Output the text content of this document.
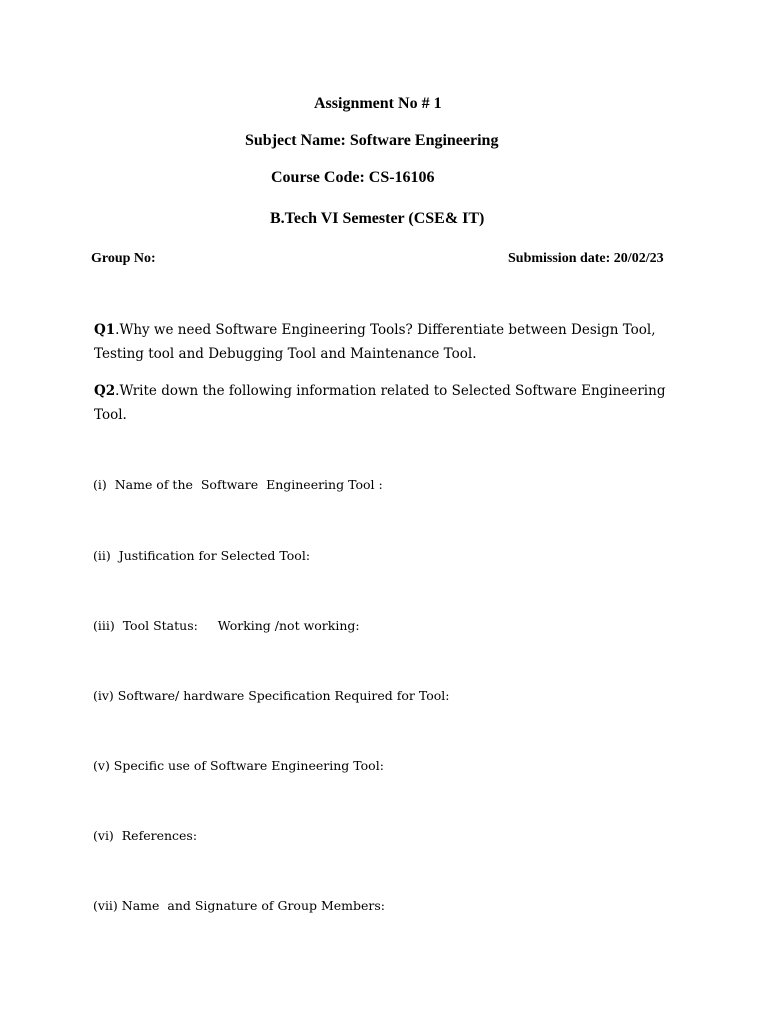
Assignment No # 1
Subject Name: Software Engineering
Course Code: CS-16106
B.Tech VI Semester (CSE& IT)
Group No:	Submission date: 20/02/23
Q1.Why we need Software Engineering Tools? Differentiate between Design Tool, Testing tool and Debugging Tool and Maintenance Tool.
Q2.Write down the following information related to Selected Software Engineering Tool.
(i)  Name of the  Software  Engineering Tool :
(ii)  Justification for Selected Tool:
(iii)  Tool Status:     Working /not working:
(iv) Software/ hardware Specification Required for Tool:
(v) Specific use of Software Engineering Tool:
(vi)  References:
(vii) Name  and Signature of Group Members:
